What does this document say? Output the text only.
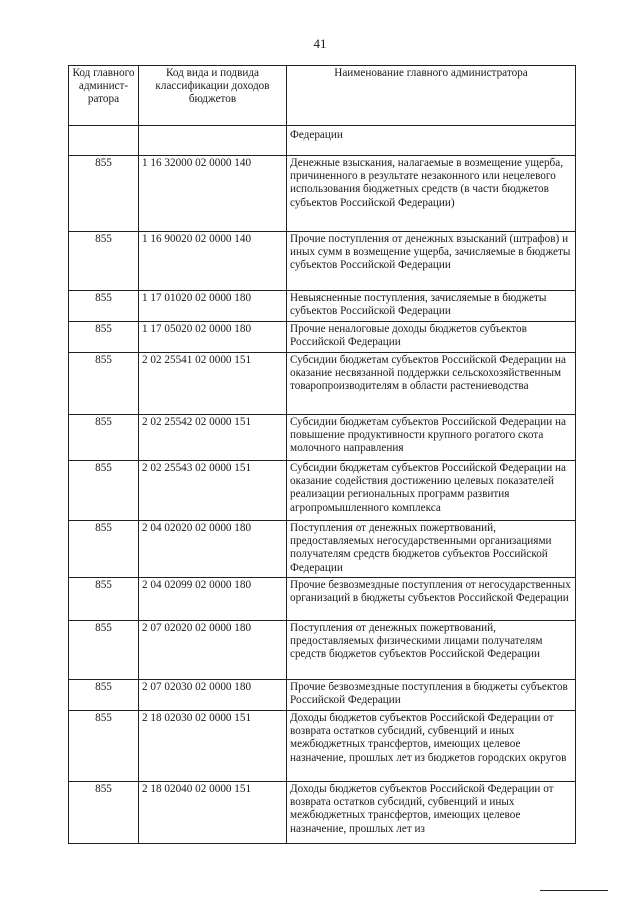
41
Код главного админист-ратора	Код вида и подвида классификации доходов бюджетов	Наименование главного администратора
		Федерации
855	1 16 32000 02 0000 140	Денежные взыскания, налагаемые в возмещение ущерба, причиненного в результате незаконного или нецелевого использования бюджетных средств (в части бюджетов субъектов Российской Федерации)
855	1 16 90020 02 0000 140	Прочие поступления от денежных взысканий (штрафов) и иных сумм в возмещение ущерба, зачисляемые в бюджеты субъектов Российской Федерации
855	1 17 01020 02 0000 180	Невыясненные поступления, зачисляемые в бюджеты субъектов Российской Федерации
855	1 17 05020 02 0000 180	Прочие неналоговые доходы бюджетов субъектов Российской Федерации
855	2 02 25541 02 0000 151	Субсидии бюджетам субъектов Российской Федерации на оказание несвязанной поддержки сельскохозяйственным товаропроизводителям в области растениеводства
855	2 02 25542 02 0000 151	Субсидии бюджетам субъектов Российской Федерации на повышение продуктивности крупного рогатого скота молочного направления
855	2 02 25543 02 0000 151	Субсидии бюджетам субъектов Российской Федерации на оказание содействия достижению целевых показателей реализации региональных программ развития агропромышленного комплекса
855	2 04 02020 02 0000 180	Поступления от денежных пожертвований, предоставляемых негосударственными организациями получателям средств бюджетов субъектов Российской Федерации
855	2 04 02099 02 0000 180	Прочие безвозмездные поступления от негосударственных организаций в бюджеты субъектов Российской Федерации
855	2 07 02020 02 0000 180	Поступления от денежных пожертвований, предоставляемых физическими лицами получателям средств бюджетов субъектов Российской Федерации
855	2 07 02030 02 0000 180	Прочие безвозмездные поступления в бюджеты субъектов Российской Федерации
855	2 18 02030 02 0000 151	Доходы бюджетов субъектов Российской Федерации от возврата остатков субсидий, субвенций и иных межбюджетных трансфертов, имеющих целевое назначение, прошлых лет из бюджетов городских округов
855	2 18 02040 02 0000 151	Доходы бюджетов субъектов Российской Федерации от возврата остатков субсидий, субвенций и иных межбюджетных трансфертов, имеющих целевое назначение, прошлых лет из
